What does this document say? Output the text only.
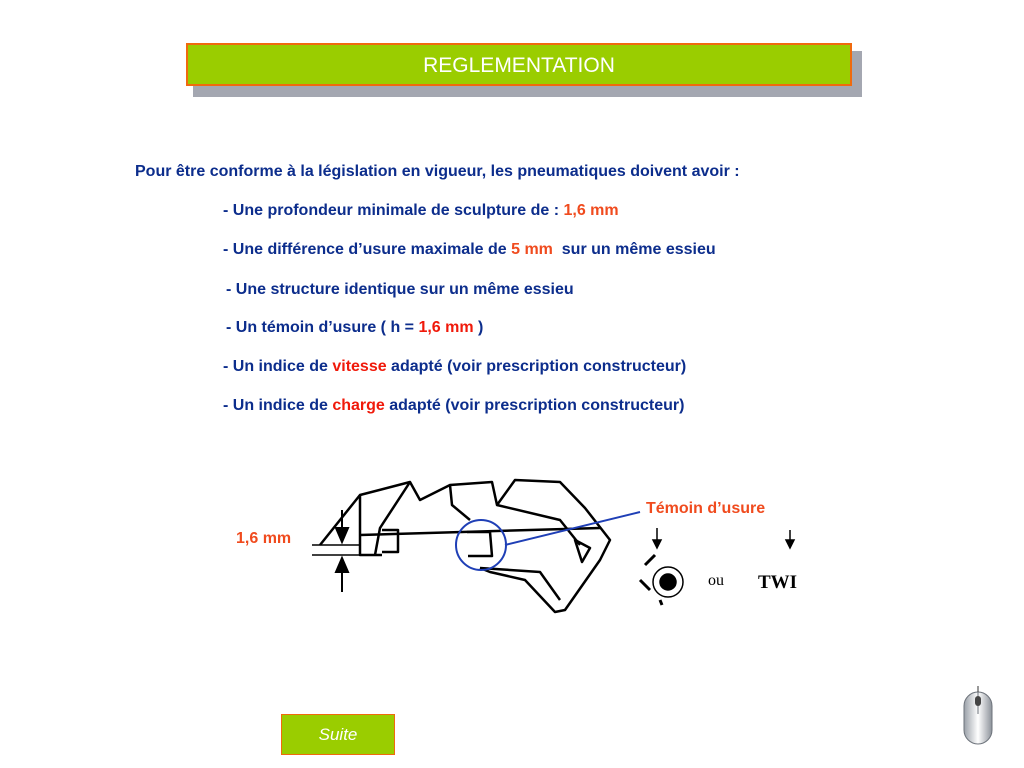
REGLEMENTATION
Pour être conforme à la législation en vigueur, les pneumatiques doivent avoir :
- Une profondeur minimale de sculpture de : 1,6 mm
- Une différence d’usure maximale de 5 mm  sur un même essieu
- Une structure identique sur un même essieu
- Un témoin d’usure ( h = 1,6 mm )
- Un indice de vitesse adapté (voir prescription constructeur)
- Un indice de charge adapté (voir prescription constructeur)
ou TWI
1,6 mm
Témoin d’usure
Suite
